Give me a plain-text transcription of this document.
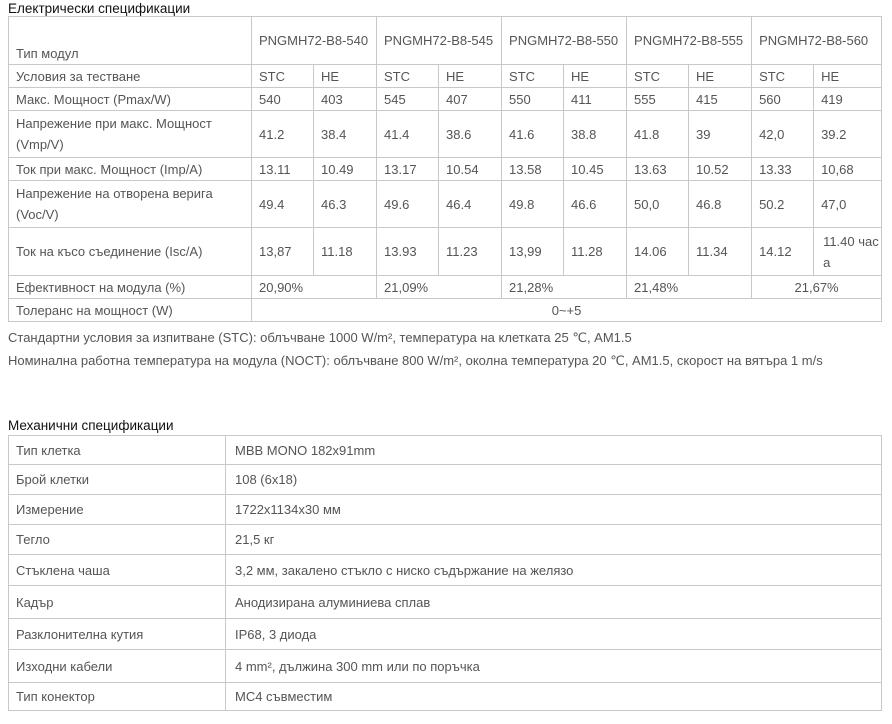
Електрически спецификации
Тип модул	PNGMH72-B8-540		PNGMH72-B8-545		PNGMH72-B8-550		PNGMH72-B8-555		PNGMH72-B8-560	
Условия за тестване	STC	HE	STC	HE	STC	HE	STC	HE	STC	HE
Макс. Мощност (Pmax/W)	540	403	545	407	550	411	555	415	560	419
Напрежение при макс. Мощност (Vmp/V)	41.2	38.4	41.4	38.6	41.6	38.8	41.8	39	42,0	39.2
Ток при макс. Мощност (Imp/A)	13.11	10.49	13.17	10.54	13.58	10.45	13.63	10.52	13.33	10,68
Напрежение на отворена верига (Voc/V)	49.4	46.3	49.6	46.4	49.8	46.6	50,0	46.8	50.2	47,0
Ток на късо съединение (Isc/A)	13,87	11.18	13.93	11.23	13,99	11.28	14.06	11.34	14.12	11.40 часа
Ефективност на модула (%)	20,90%		21,09%		21,28%		21,48%		21,67%	
Толеранс на мощност (W)	0~+5									
Стандартни условия за изпитване (STC): облъчване 1000 W/m², температура на клетката 25 ℃, AM1.5
Номинална работна температура на модула (NOCT): облъчване 800 W/m², околна температура 20 ℃, AM1.5, скорост на вятъра 1 m/s
Механични спецификации
Тип клетка	MBB MONO 182x91mm
Брой клетки	108 (6x18)
Измерение	1722x1134x30 мм
Тегло	21,5 кг
Стъклена чаша	3,2 мм, закалено стъкло с ниско съдържание на желязо
Кадър	Анодизирана алуминиева сплав
Разклонителна кутия	IP68, 3 диода
Изходни кабели	4 mm², дължина 300 mm или по поръчка
Тип конектор	MC4 съвместим
